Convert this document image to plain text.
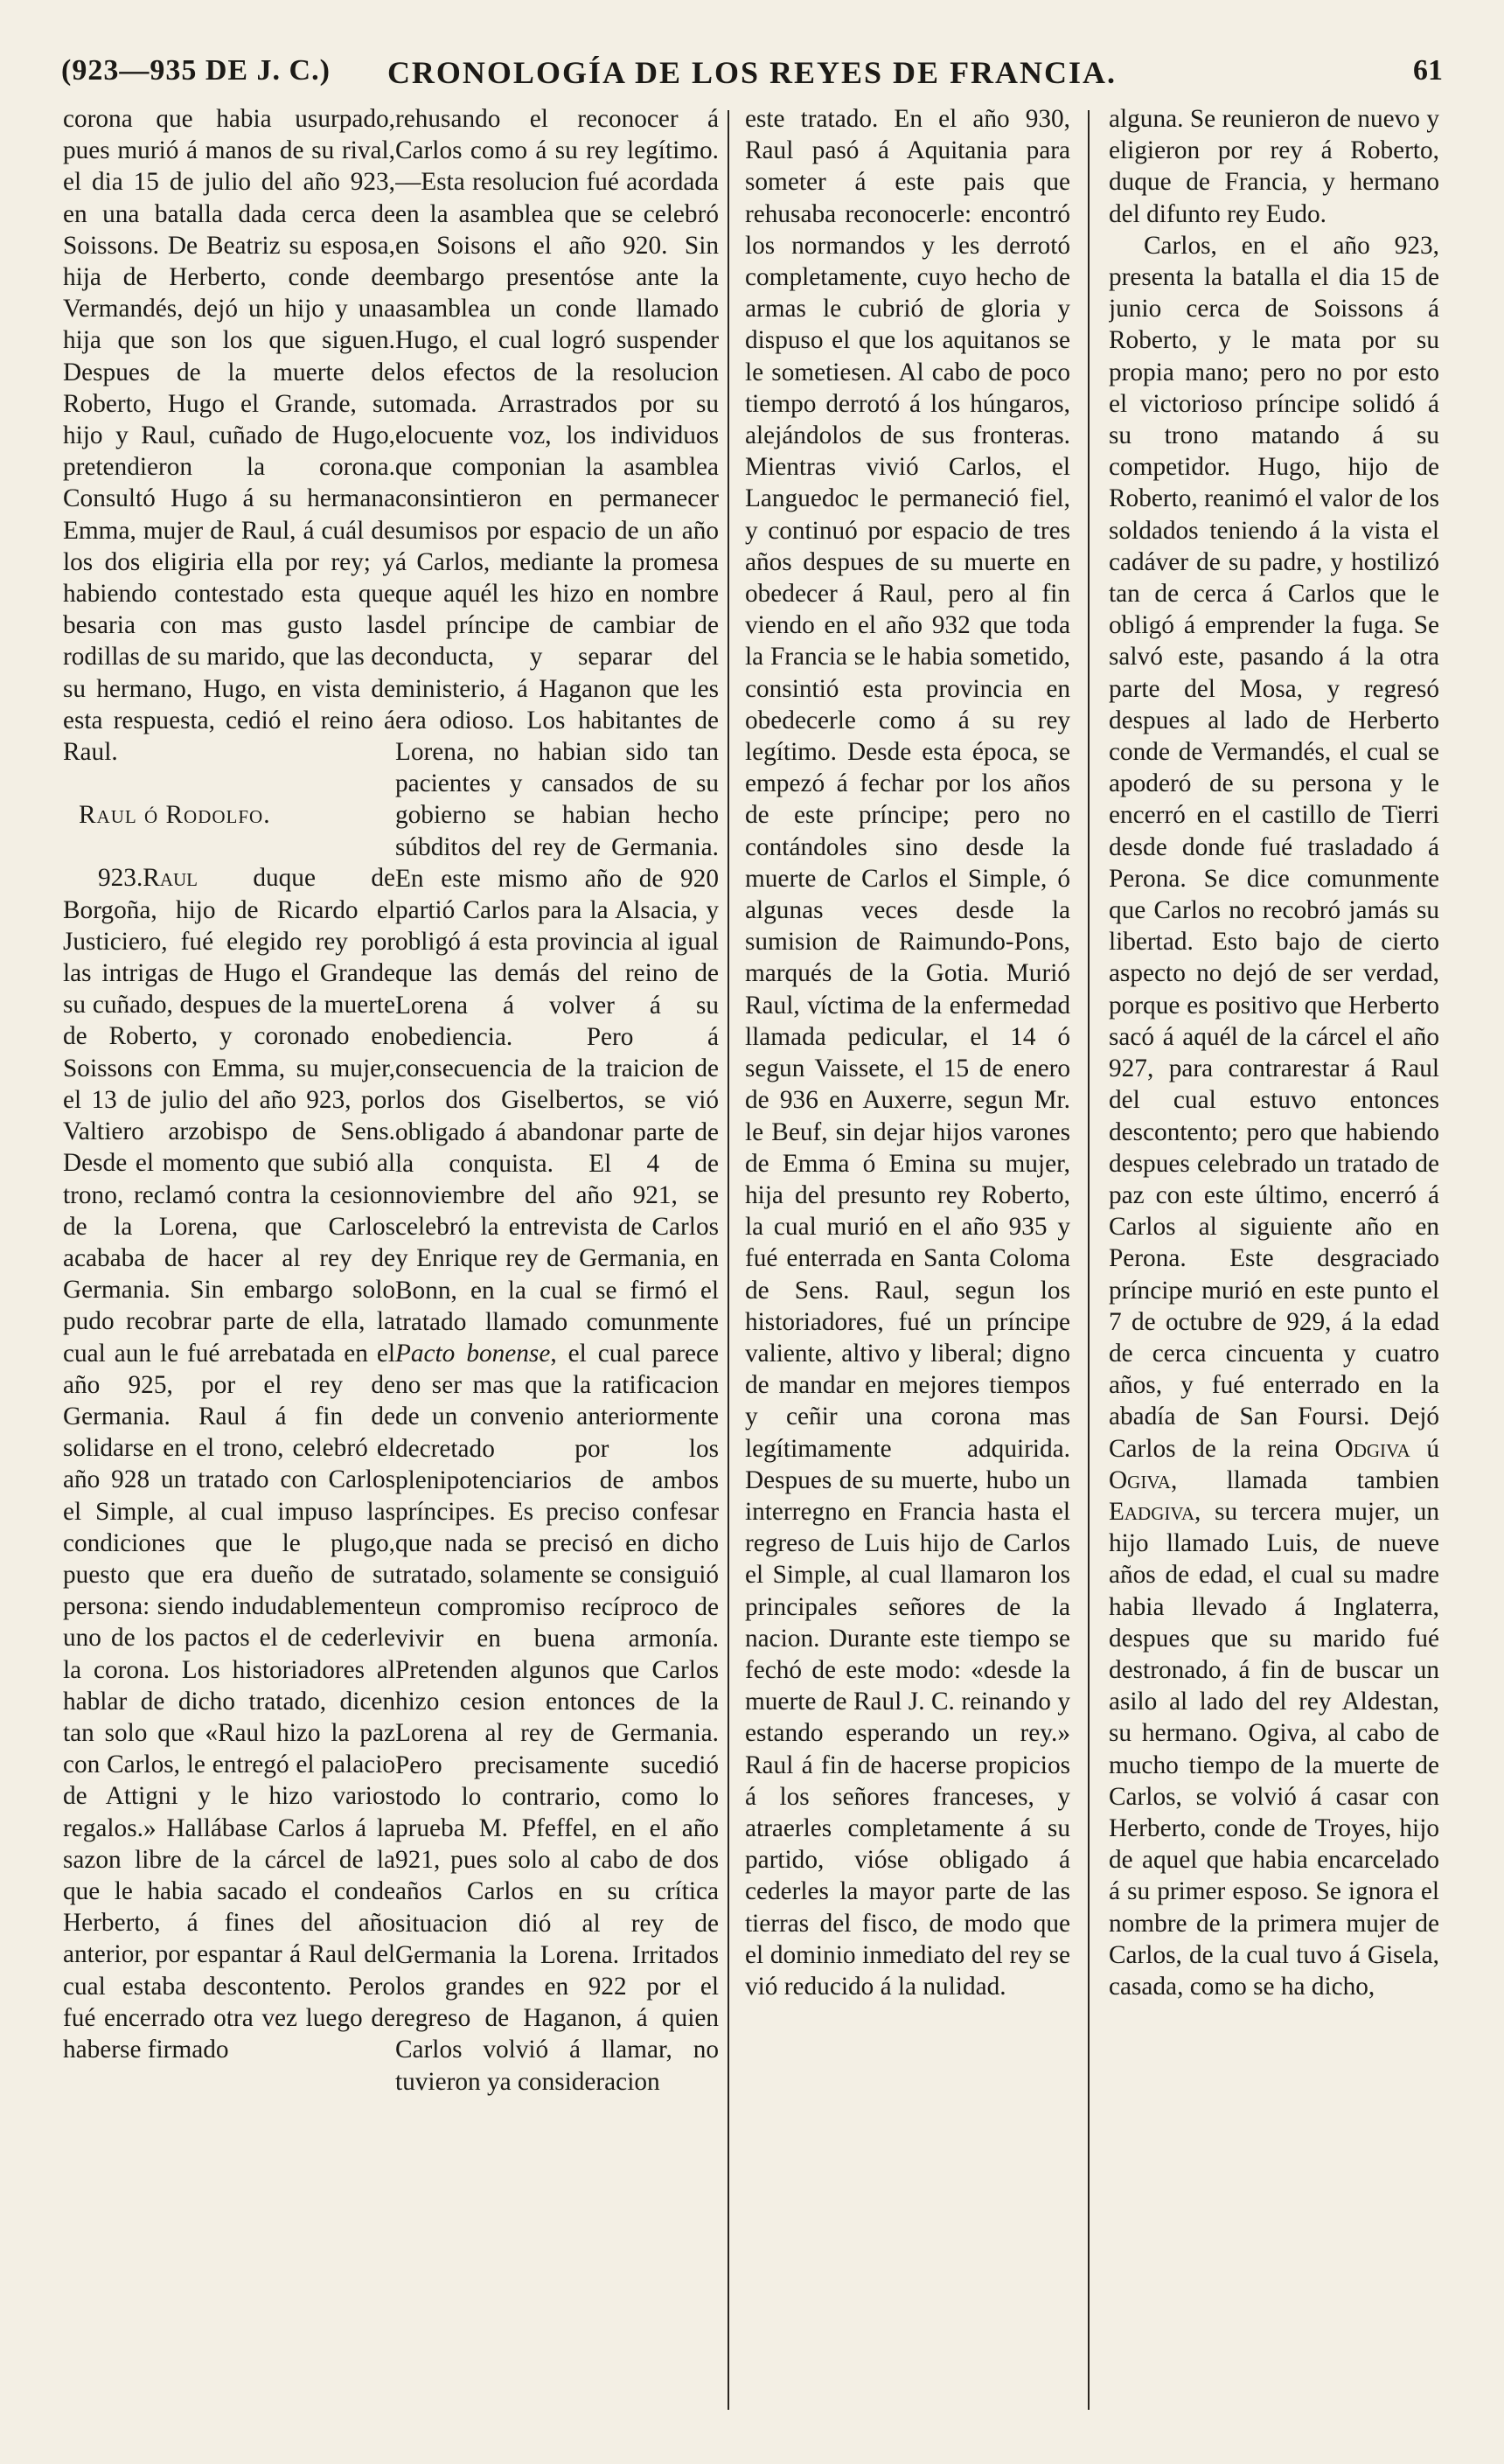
(923—935 DE J. C.)	CRONOLOGÍA DE LOS REYES DE FRANCIA.	61

corona que habia usurpado, pues murió á manos de su rival, el dia 15 de julio del año 923, en una batalla dada cerca de Soissons. De Beatriz su esposa, hija de Herberto, conde de Vermandés, dejó un hijo y una hija que son los que siguen. Despues de la muerte de Roberto, Hugo el Grande, su hijo y Raul, cuñado de Hugo, pretendieron la corona. Consultó Hugo á su hermana Emma, mujer de Raul, á cuál de los dos eligiria ella por rey; y habiendo contestado esta que besaria con mas gusto las rodillas de su marido, que las de su hermano, Hugo, en vista de esta respuesta, cedió el reino á Raul.

Raul ó Rodolfo.

923.Raul duque de Borgoña, hijo de Ricardo el Justiciero, fué elegido rey por las intrigas de Hugo el Grande su cuñado, despues de la muerte de Roberto, y coronado en Soissons con Emma, su mujer, el 13 de julio del año 923, por Valtiero arzobispo de Sens. Desde el momento que subió al trono, reclamó contra la cesion de la Lorena, que Carlos acababa de hacer al rey de Germania. Sin embargo solo pudo recobrar parte de ella, la cual aun le fué arrebatada en el año 925, por el rey de Germania. Raul á fin de solidarse en el trono, celebró el año 928 un tratado con Carlos el Simple, al cual impuso las condiciones que le plugo, puesto que era dueño de su persona: siendo indudablemente uno de los pactos el de cederle la corona. Los historiadores al hablar de dicho tratado, dicen tan solo que «Raul hizo la paz con Carlos, le entregó el palacio de Attigni y le hizo varios regalos.» Hallábase Carlos á la sazon libre de la cárcel de la que le habia sacado el conde Herberto, á fines del año anterior, por espantar á Raul del cual estaba descontento. Pero fué encerrado otra vez luego de haberse firmado

rehusando el reconocer á Carlos como á su rey legítimo.—Esta resolucion fué acordada en la asamblea que se celebró en Soisons el año 920. Sin embargo presentóse ante la asamblea un conde llamado Hugo, el cual logró suspender los efectos de la resolucion tomada. Arrastrados por su elocuente voz, los individuos que componian la asamblea consintieron en permanecer sumisos por espacio de un año á Carlos, mediante la promesa que aquél les hizo en nombre del príncipe de cambiar de conducta, y separar del ministerio, á Haganon que les era odioso. Los habitantes de Lorena, no habian sido tan pacientes y cansados de su gobierno se habian hecho súbditos del rey de Germania. En este mismo año de 920 partió Carlos para la Alsacia, y obligó á esta provincia al igual que las demás del reino de Lorena á volver á su obediencia. Pero á consecuencia de la traicion de los dos Giselbertos, se vió obligado á abandonar parte de la conquista. El 4 de noviembre del año 921, se celebró la entrevista de Carlos y Enrique rey de Germania, en Bonn, en la cual se firmó el tratado llamado comunmente Pacto bonense, el cual parece no ser mas que la ratificacion de un convenio anteriormente decretado por los plenipotenciarios de ambos príncipes. Es preciso confesar que nada se precisó en dicho tratado, solamente se consiguió un compromiso recíproco de vivir en buena armonía. Pretenden algunos que Carlos hizo cesion entonces de la Lorena al rey de Germania. Pero precisamente sucedió todo lo contrario, como lo prueba M. Pfeffel, en el año 921, pues solo al cabo de dos años Carlos en su crítica situacion dió al rey de Germania la Lorena. Irritados los grandes en 922 por el regreso de Haganon, á quien Carlos volvió á llamar, no tuvieron ya consideracion

este tratado. En el año 930, Raul pasó á Aquitania para someter á este pais que rehusaba reconocerle: encontró los normandos y les derrotó completamente, cuyo hecho de armas le cubrió de gloria y dispuso el que los aquitanos se le sometiesen. Al cabo de poco tiempo derrotó á los húngaros, alejándolos de sus fronteras. Mientras vivió Carlos, el Languedoc le permaneció fiel, y continuó por espacio de tres años despues de su muerte en obedecer á Raul, pero al fin viendo en el año 932 que toda la Francia se le habia sometido, consintió esta provincia en obedecerle como á su rey legítimo. Desde esta época, se empezó á fechar por los años de este príncipe; pero no contándoles sino desde la muerte de Carlos el Simple, ó algunas veces desde la sumision de Raimundo-Pons, marqués de la Gotia. Murió Raul, víctima de la enfermedad llamada pedicular, el 14 ó segun Vaissete, el 15 de enero de 936 en Auxerre, segun Mr. le Beuf, sin dejar hijos varones de Emma ó Emina su mujer, hija del presunto rey Roberto, la cual murió en el año 935 y fué enterrada en Santa Coloma de Sens. Raul, segun los historiadores, fué un príncipe valiente, altivo y liberal; digno de mandar en mejores tiempos y ceñir una corona mas legítimamente adquirida. Despues de su muerte, hubo un interregno en Francia hasta el regreso de Luis hijo de Carlos el Simple, al cual llamaron los principales señores de la nacion. Durante este tiempo se fechó de este modo: «desde la muerte de Raul J. C. reinando y estando esperando un rey.» Raul á fin de hacerse propicios á los señores franceses, y atraerles completamente á su partido, vióse obligado á cederles la mayor parte de las tierras del fisco, de modo que el dominio inmediato del rey se vió reducido á la nulidad.

alguna. Se reunieron de nuevo y eligieron por rey á Roberto, duque de Francia, y hermano del difunto rey Eudo.

Carlos, en el año 923, presenta la batalla el dia 15 de junio cerca de Soissons á Roberto, y le mata por su propia mano; pero no por esto el victorioso príncipe solidó á su trono matando á su competidor. Hugo, hijo de Roberto, reanimó el valor de los soldados teniendo á la vista el cadáver de su padre, y hostilizó tan de cerca á Carlos que le obligó á emprender la fuga. Se salvó este, pasando á la otra parte del Mosa, y regresó despues al lado de Herberto conde de Vermandés, el cual se apoderó de su persona y le encerró en el castillo de Tierri desde donde fué trasladado á Perona. Se dice comunmente que Carlos no recobró jamás su libertad. Esto bajo de cierto aspecto no dejó de ser verdad, porque es positivo que Herberto sacó á aquél de la cárcel el año 927, para contrarestar á Raul del cual estuvo entonces descontento; pero que habiendo despues celebrado un tratado de paz con este último, encerró á Carlos al siguiente año en Perona. Este desgraciado príncipe murió en este punto el 7 de octubre de 929, á la edad de cerca cincuenta y cuatro años, y fué enterrado en la abadía de San Foursi. Dejó Carlos de la reina Odgiva ú Ogiva, llamada tambien Eadgiva, su tercera mujer, un hijo llamado Luis, de nueve años de edad, el cual su madre habia llevado á Inglaterra, despues que su marido fué destronado, á fin de buscar un asilo al lado del rey Aldestan, su hermano. Ogiva, al cabo de mucho tiempo de la muerte de Carlos, se volvió á casar con Herberto, conde de Troyes, hijo de aquel que habia encarcelado á su primer esposo. Se ignora el nombre de la primera mujer de Carlos, de la cual tuvo á Gisela, casada, como se ha dicho,
